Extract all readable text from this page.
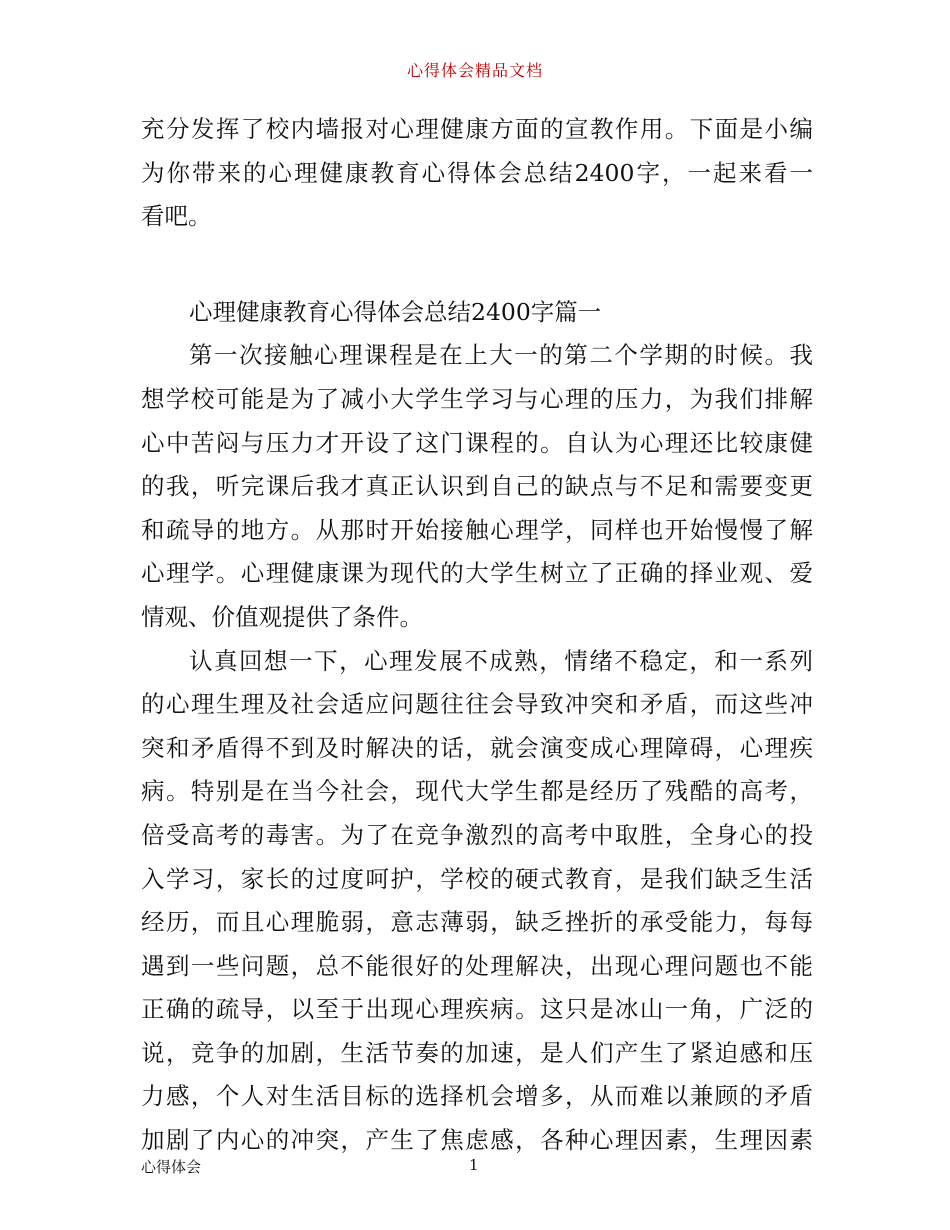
心得体会精品文档
充分发挥了校内墙报对心理健康方面的宣教作用。下面是小编
为你带来的心理健康教育心得体会总结2400字，一起来看一
看吧。
心理健康教育心得体会总结2400字篇一
第一次接触心理课程是在上大一的第二个学期的时候。我
想学校可能是为了减小大学生学习与心理的压力，为我们排解
心中苦闷与压力才开设了这门课程的。自认为心理还比较康健
的我，听完课后我才真正认识到自己的缺点与不足和需要变更
和疏导的地方。从那时开始接触心理学，同样也开始慢慢了解
心理学。心理健康课为现代的大学生树立了正确的择业观、爱
情观、价值观提供了条件。
认真回想一下，心理发展不成熟，情绪不稳定，和一系列
的心理生理及社会适应问题往往会导致冲突和矛盾，而这些冲
突和矛盾得不到及时解决的话，就会演变成心理障碍，心理疾
病。特别是在当今社会，现代大学生都是经历了残酷的高考，
倍受高考的毒害。为了在竞争激烈的高考中取胜，全身心的投
入学习，家长的过度呵护，学校的硬式教育，是我们缺乏生活
经历，而且心理脆弱，意志薄弱，缺乏挫折的承受能力，每每
遇到一些问题，总不能很好的处理解决，出现心理问题也不能
正确的疏导，以至于出现心理疾病。这只是冰山一角，广泛的
说，竞争的加剧，生活节奏的加速，是人们产生了紧迫感和压
力感，个人对生活目标的选择机会增多，从而难以兼顾的矛盾
加剧了内心的冲突，产生了焦虑感，各种心理因素，生理因素
心得体会	1
